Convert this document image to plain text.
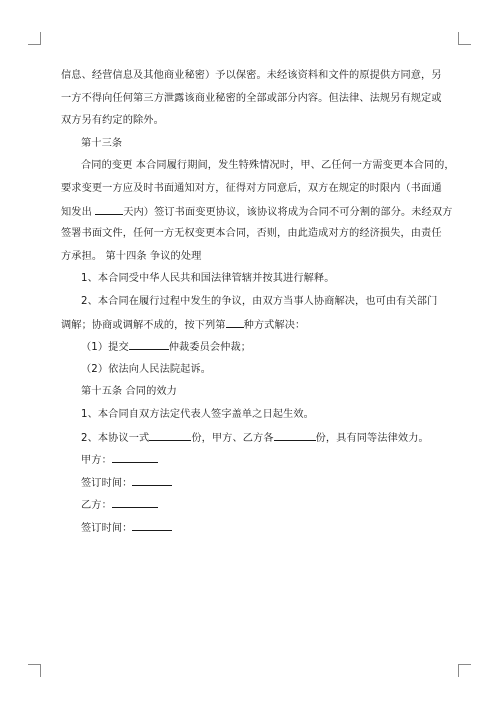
信息、经营信息及其他商业秘密）予以保密。未经该资料和文件的原提供方同意，另
一方不得向任何第三方泄露该商业秘密的全部或部分内容。但法律、法规另有规定或
双方另有约定的除外。
第十三条
合同的变更 本合同履行期间，发生特殊情况时，甲、乙任何一方需变更本合同的，
要求变更一方应及时书面通知对方，征得对方同意后，双方在规定的时限内（书面通
知发出	天内）签订书面变更协议，该协议将成为合同不可分割的部分。未经双方
签署书面文件，任何一方无权变更本合同，否则，由此造成对方的经济损失，由责任
方承担。 第十四条 争议的处理
1、本合同受中华人民共和国法律管辖并按其进行解释。
2、本合同在履行过程中发生的争议，由双方当事人协商解决，也可由有关部门
调解；协商或调解不成的，按下列第 种方式解决：
（1）提交	仲裁委员会仲裁；
（2）依法向人民法院起诉。
第十五条 合同的效力
1、本合同自双方法定代表人签字盖单之日起生效。
2、本协议一式	份，甲方、乙方各	份，具有同等法律效力。
甲方：
签订时间：
乙方：
签订时间：
